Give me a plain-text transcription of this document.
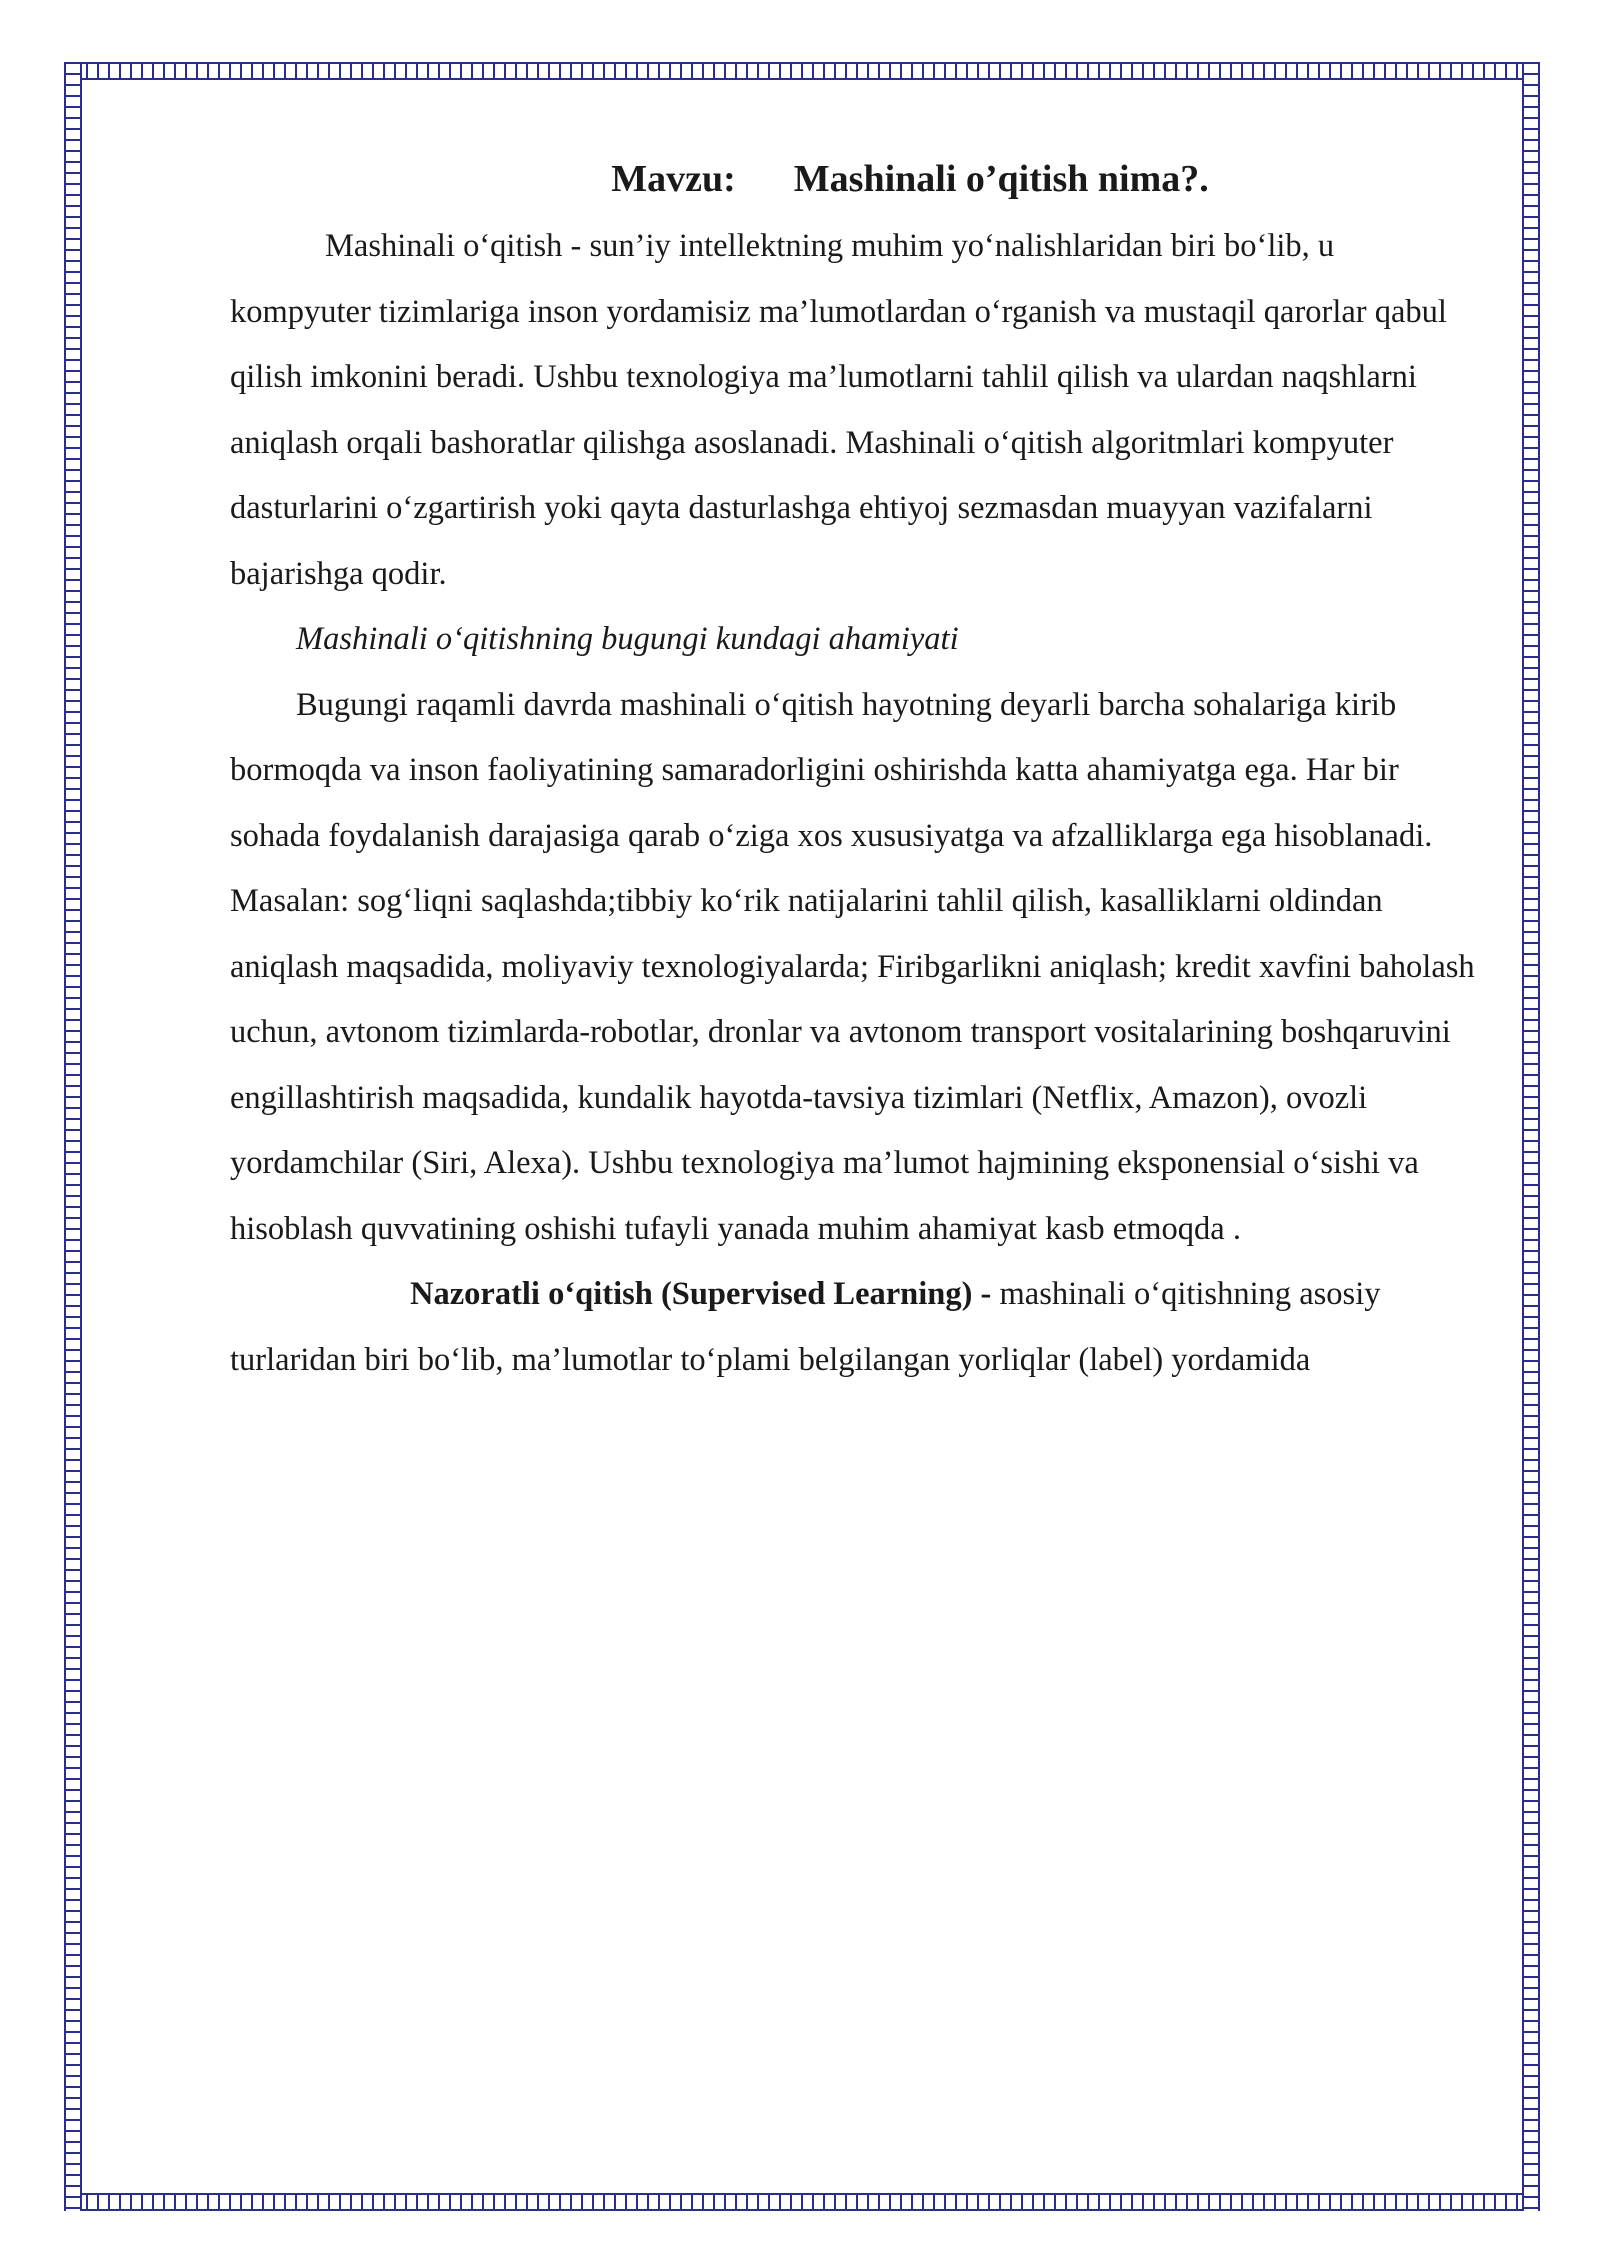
Mavzu: Mashinali o’qitish nima?.

Mashinali o‘qitish - sun’iy intellektning muhim yo‘nalishlaridan biri bo‘lib, u kompyuter tizimlariga inson yordamisiz ma’lumotlardan o‘rganish va mustaqil qarorlar qabul qilish imkonini beradi. Ushbu texnologiya ma’lumotlarni tahlil qilish va ulardan naqshlarni aniqlash orqali bashoratlar qilishga asoslanadi. Mashinali o‘qitish algoritmlari kompyuter dasturlarini o‘zgartirish yoki qayta dasturlashga ehtiyoj sezmasdan muayyan vazifalarni bajarishga qodir.

Mashinali o‘qitishning bugungi kundagi ahamiyati

Bugungi raqamli davrda mashinali o‘qitish hayotning deyarli barcha sohalariga kirib bormoqda va inson faoliyatining samaradorligini oshirishda katta ahamiyatga ega. Har bir sohada foydalanish darajasiga qarab o‘ziga xos xususiyatga va afzalliklarga ega hisoblanadi. Masalan: sog‘liqni saqlashda;tibbiy ko‘rik natijalarini tahlil qilish, kasalliklarni oldindan aniqlash maqsadida, moliyaviy texnologiyalarda; Firibgarlikni aniqlash; kredit xavfini baholash uchun, avtonom tizimlarda-robotlar, dronlar va avtonom transport vositalarining boshqaruvini engillashtirish maqsadida, kundalik hayotda-tavsiya tizimlari (Netflix, Amazon), ovozli yordamchilar (Siri, Alexa). Ushbu texnologiya ma’lumot hajmining eksponensial o‘sishi va hisoblash quvvatining oshishi tufayli yanada muhim ahamiyat kasb etmoqda .

Nazoratli o‘qitish (Supervised Learning) - mashinali o‘qitishning asosiy turlaridan biri bo‘lib, ma’lumotlar to‘plami belgilangan yorliqlar (label) yordamida
